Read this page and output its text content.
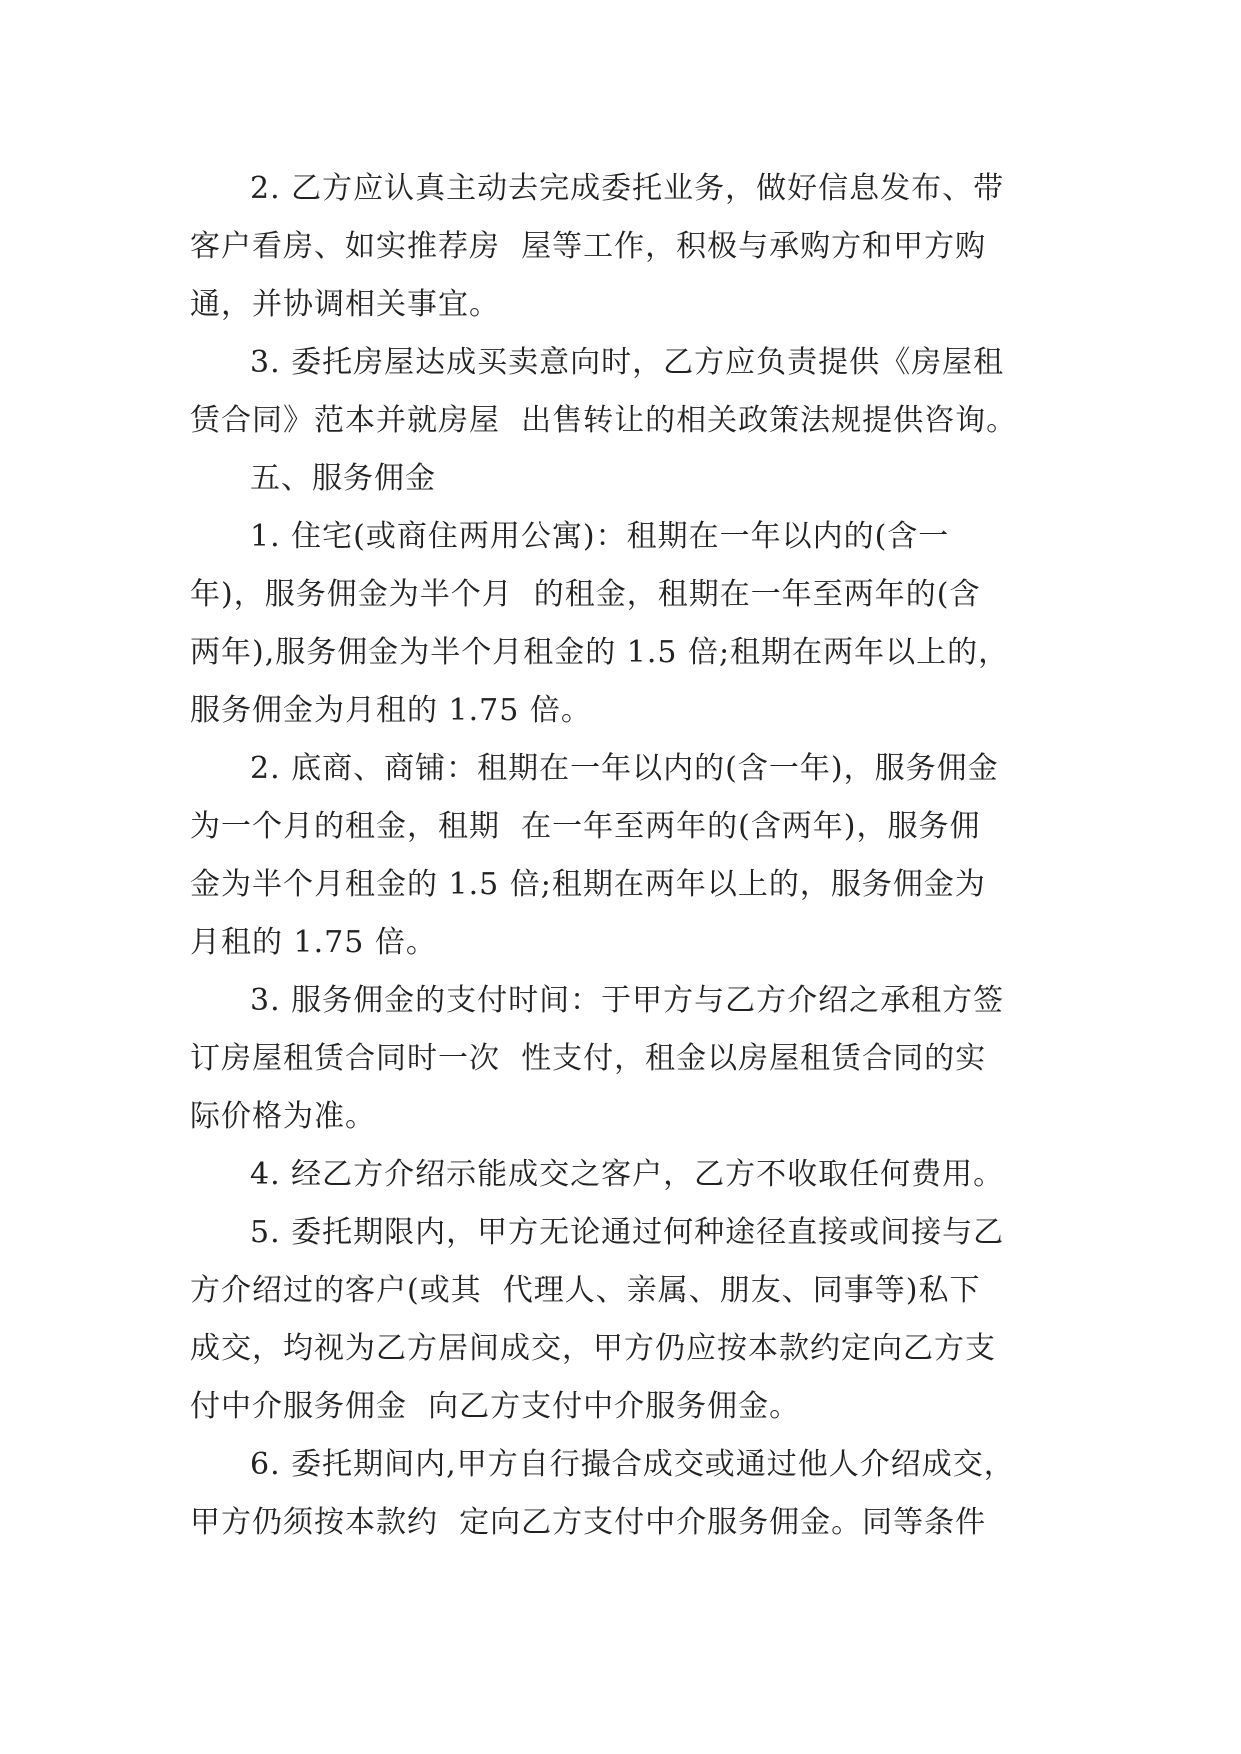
2. 乙方应认真主动去完成委托业务，做好信息发布、带
客户看房、如实推荐房  屋等工作，积极与承购方和甲方购
通，并协调相关事宜。
3. 委托房屋达成买卖意向时，乙方应负责提供《房屋租
赁合同》范本并就房屋  出售转让的相关政策法规提供咨询。
五、服务佣金
1. 住宅(或商住两用公寓)：租期在一年以内的(含一
年)，服务佣金为半个月  的租金，租期在一年至两年的(含
两年),服务佣金为半个月租金的 1.5 倍;租期在两年以上的，
服务佣金为月租的 1.75 倍。
2. 底商、商铺：租期在一年以内的(含一年)，服务佣金
为一个月的租金，租期  在一年至两年的(含两年)，服务佣
金为半个月租金的 1.5 倍;租期在两年以上的，服务佣金为
月租的 1.75 倍。
3. 服务佣金的支付时间：于甲方与乙方介绍之承租方签
订房屋租赁合同时一次  性支付，租金以房屋租赁合同的实
际价格为准。
4. 经乙方介绍示能成交之客户，乙方不收取任何费用。
5. 委托期限内，甲方无论通过何种途径直接或间接与乙
方介绍过的客户(或其  代理人、亲属、朋友、同事等)私下
成交，均视为乙方居间成交，甲方仍应按本款约定向乙方支
付中介服务佣金  向乙方支付中介服务佣金。
6. 委托期间内,甲方自行撮合成交或通过他人介绍成交，
甲方仍须按本款约  定向乙方支付中介服务佣金。同等条件
